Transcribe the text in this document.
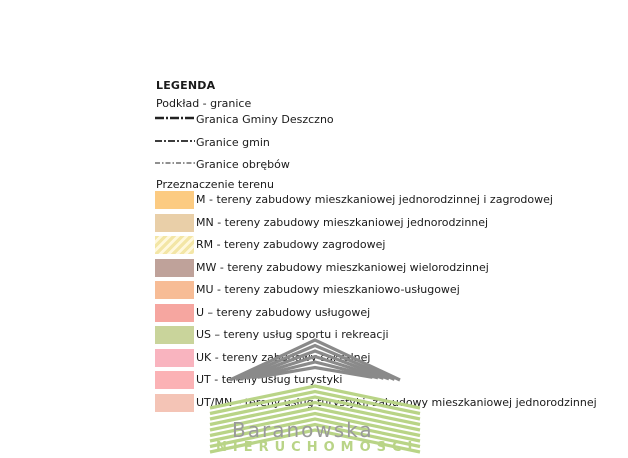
LEGENDA
Podkład - granice
Granica Gminy Deszczno
Granice gmin
Granice obrębów
Przeznaczenie terenu
M - tereny zabudowy mieszkaniowej jednorodzinnej i zagrodowej
MN - tereny zabudowy mieszkaniowej jednorodzinnej
RM - tereny zabudowy zagrodowej
MW - tereny zabudowy mieszkaniowej wielorodzinnej
MU - tereny zabudowy mieszkaniowo-usługowej
U – tereny zabudowy usługowej
US – tereny usług sportu i rekreacji
UK - tereny zabudowy sakralnej
UT - tereny usług turystyki
UT/MN – tereny usług turystyki, zabudowy mieszkaniowej jednorodzinnej
Baranowska
NIERUCHOMOŚCI
